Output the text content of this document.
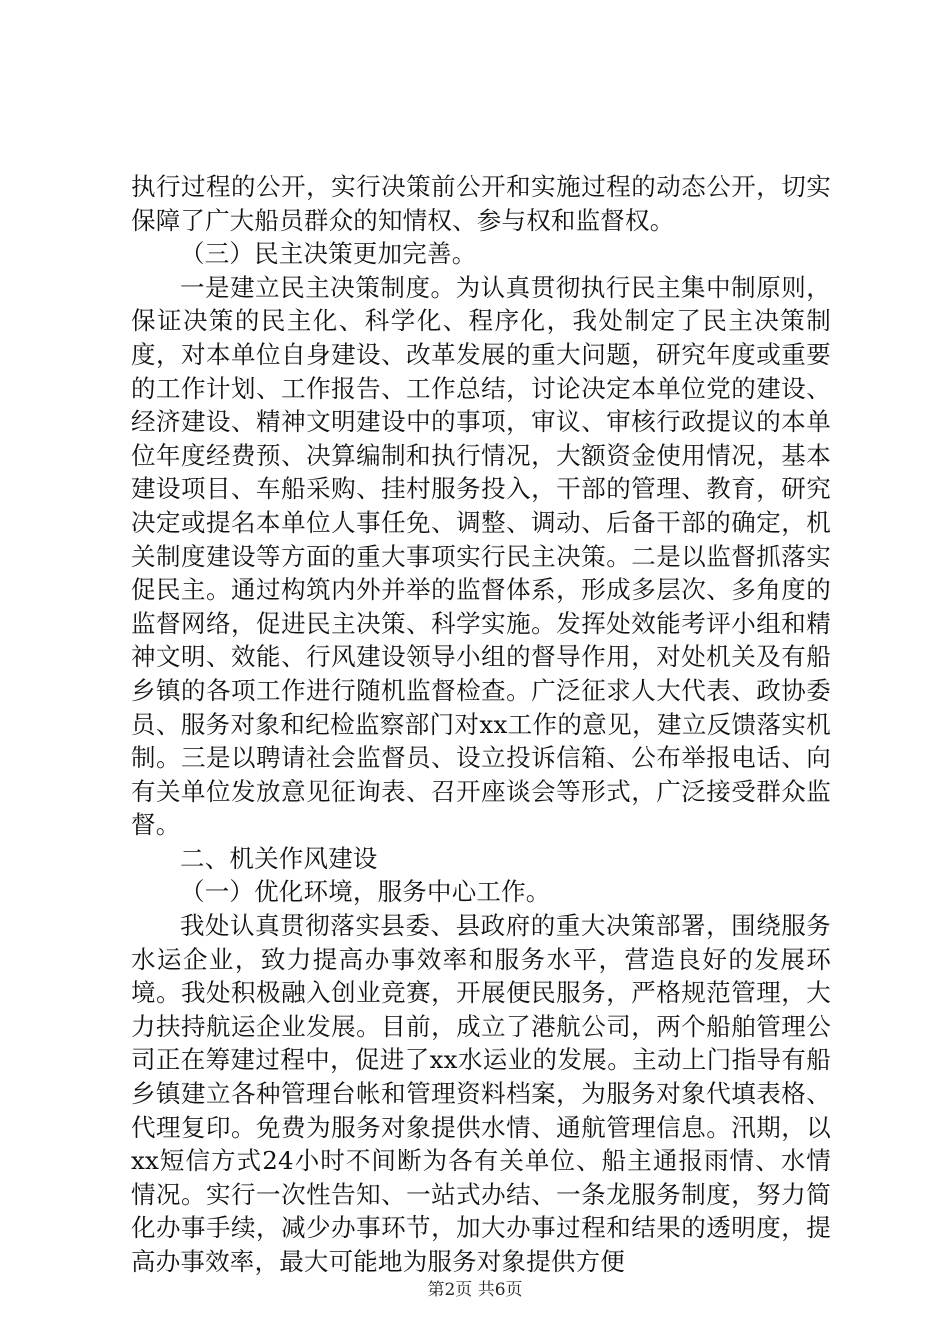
执行过程的公开，实行决策前公开和实施过程的动态公开，切实保障了广大船员群众的知情权、参与权和监督权。

（三）民主决策更加完善。

一是建立民主决策制度。为认真贯彻执行民主集中制原则，保证决策的民主化、科学化、程序化，我处制定了民主决策制度，对本单位自身建设、改革发展的重大问题，研究年度或重要的工作计划、工作报告、工作总结，讨论决定本单位党的建设、经济建设、精神文明建设中的事项，审议、审核行政提议的本单位年度经费预、决算编制和执行情况，大额资金使用情况，基本建设项目、车船采购、挂村服务投入，干部的管理、教育，研究决定或提名本单位人事任免、调整、调动、后备干部的确定，机关制度建设等方面的重大事项实行民主决策。二是以监督抓落实促民主。通过构筑内外并举的监督体系，形成多层次、多角度的监督网络，促进民主决策、科学实施。发挥处效能考评小组和精神文明、效能、行风建设领导小组的督导作用，对处机关及有船乡镇的各项工作进行随机监督检查。广泛征求人大代表、政协委员、服务对象和纪检监察部门对xx工作的意见，建立反馈落实机制。三是以聘请社会监督员、设立投诉信箱、公布举报电话、向有关单位发放意见征询表、召开座谈会等形式，广泛接受群众监督。

二、机关作风建设

（一）优化环境，服务中心工作。

我处认真贯彻落实县委、县政府的重大决策部署，围绕服务水运企业，致力提高办事效率和服务水平，营造良好的发展环境。我处积极融入创业竞赛，开展便民服务，严格规范管理，大力扶持航运企业发展。目前，成立了港航公司，两个船舶管理公司正在筹建过程中，促进了xx水运业的发展。主动上门指导有船乡镇建立各种管理台帐和管理资料档案，为服务对象代填表格、代理复印。免费为服务对象提供水情、通航管理信息。汛期，以xx短信方式24小时不间断为各有关单位、船主通报雨情、水情情况。实行一次性告知、一站式办结、一条龙服务制度，努力简化办事手续，减少办事环节，加大办事过程和结果的透明度，提高办事效率，最大可能地为服务对象提供方便

第2页 共6页
